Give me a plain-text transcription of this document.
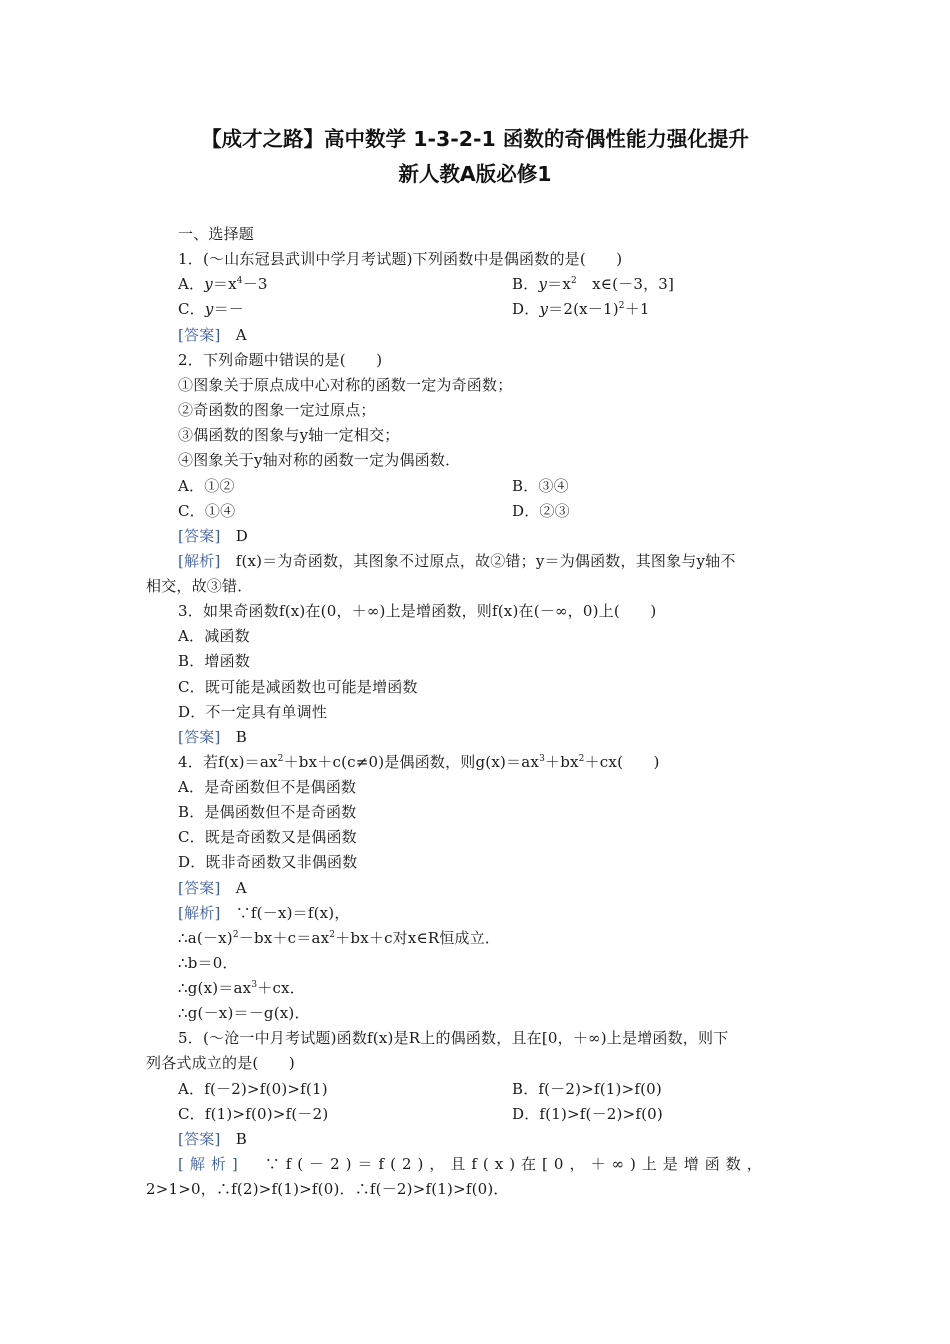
【成才之路】高中数学 1-3-2-1 函数的奇偶性能力强化提升
新人教A版必修1
一、选择题
1．(～山东冠县武训中学月考试题)下列函数中是偶函数的是(　　)
A．$y=x^4-3$	B．$y=x^2$　x∈(－3，3]
C．y＝－	D．$y=2(x-1)^2+1$
[答案]　 A
2．下列命题中错误的是(　　)
①图象关于原点成中心对称的函数一定为奇函数；
②奇函数的图象一定过原点；
③偶函数的图象与y轴一定相交；
④图象关于y轴对称的函数一定为偶函数．
A．①②	B．③④
C．①④	D．②③
[答案]　 D
[解析]　 f(x)＝为奇函数，其图象不过原点，故②错；y＝为偶函数，其图象与y轴不
相交，故③错．
3．如果奇函数f(x)在(0，＋∞)上是增函数，则f(x)在(－∞，0)上(　　)
A．减函数
B．增函数
C．既可能是减函数也可能是增函数
D．不一定具有单调性
[答案]　 B
4．若$f(x)=ax^2+bx+c(c\ne 0)$是偶函数，则$g(x)=ax^3+bx^2+cx$(　　)
A．是奇函数但不是偶函数
B．是偶函数但不是奇函数
C．既是奇函数又是偶函数
D．既非奇函数又非偶函数
[答案]　 A
[解析]　 ∵f(－x)＝f(x)，
$\therefore a(-x)^2-bx+c=ax^2+bx+c$对x∈R恒成立．
∴b＝0．
$\therefore g(x)=ax^3+cx$．
∴g(－x)＝－g(x)．
5．(～沧一中月考试题)函数f(x)是R上的偶函数，且在[0，＋∞)上是增函数，则下
列各式成立的是(　　)
A．f(－2)>f(0)>f(1)	B．f(－2)>f(1)>f(0)
C．f(1)>f(0)>f(－2)	D．f(1)>f(－2)>f(0)
[答案]　 B
[解析]　 ∵f(－2)＝f(2)，且f(x)在[0，＋∞)上是增函数，
2>1>0，∴f(2)>f(1)>f(0)．∴f(－2)>f(1)>f(0)．
